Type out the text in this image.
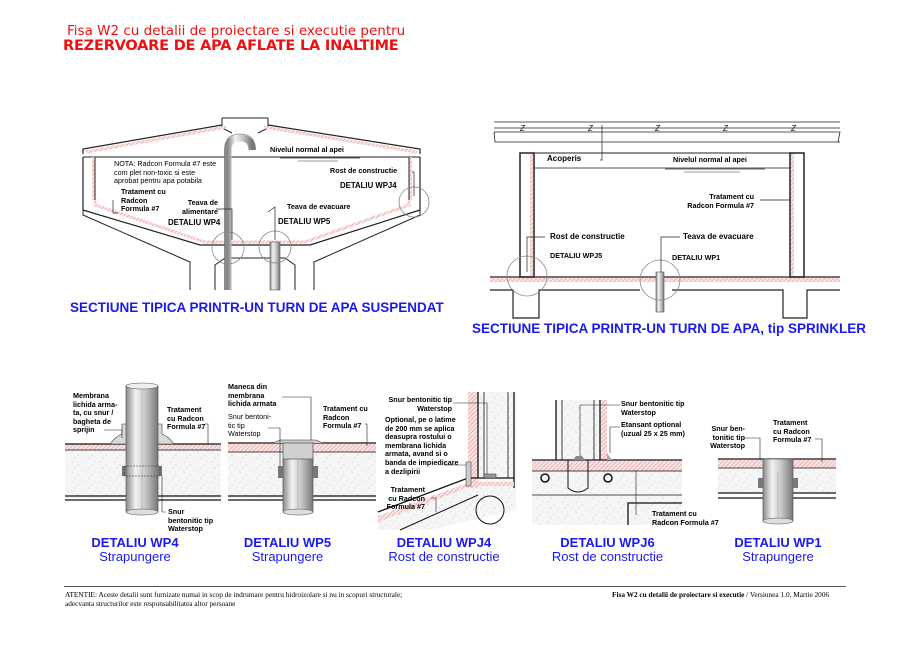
Fisa W2 cu detalii de proiectare si executie pentru
REZERVOARE DE APA AFLATE LA INALTIME
Nivelul normal al apei
NOTA: Radcon Formula #7 este
com plet non-toxic si este
aprobat pentru apa potabila
Rost de constructie
DETALIU WPJ4
Tratament cu
Radcon
Formula #7
Teava de
alimentare
Teava de evacuare
DETALIU WP4	DETALIU WP5
SECTIUNE TIPICA PRINTR-UN TURN DE APA SUSPENDAT
Z	Z	Z	Z	Z
Acoperis	Nivelul normal al apei
Tratament cu
Radcon Formula #7
Rost de constructie	Teava de evacuare
DETALIU WPJ5	DETALIU WP1
SECTIUNE TIPICA PRINTR-UN TURN DE APA, tip SPRINKLER
Membrana
lichida arma-
ta, cu snur /
bagheta de
sprijin
Tratament
cu Radcon
Formula #7
Snur
bentonitic tip
Waterstop
DETALIU WP4
Strapungere
Maneca din
membrana
lichida armata
Snur bentoni-
tic tip
Waterstop
Tratament cu
Radcon
Formula #7
DETALIU WP5
Strapungere
Snur bentonitic tip
Waterstop
Optional, pe o latime
de 200 mm se aplica
deasupra rostului o
membrana lichida
armata, avand si o
banda de impiedicare
a dezlipirii
Tratament
cu Radcon
Formula #7
DETALIU WPJ4
Rost de constructie
Snur bentonitic tip
Waterstop
Etansant optional
(uzual 25 x 25 mm)
Tratament cu
Radcon Formula #7
DETALIU WPJ6
Rost de constructie
Snur ben-
tonitic tip
Waterstop
Tratament
cu Radcon
Formula #7
DETALIU WP1
Strapungere
ATENTIE: Aceste detalii sunt furnizate numai in scop de indrumare pentru hidroizolare si nu in scopuri structurale;
adecvanta structurilor este responsabilitatea altor persoane
Fisa W2 cu detalii de proiectare si executie / Versiunea 1.0, Martie 2006
